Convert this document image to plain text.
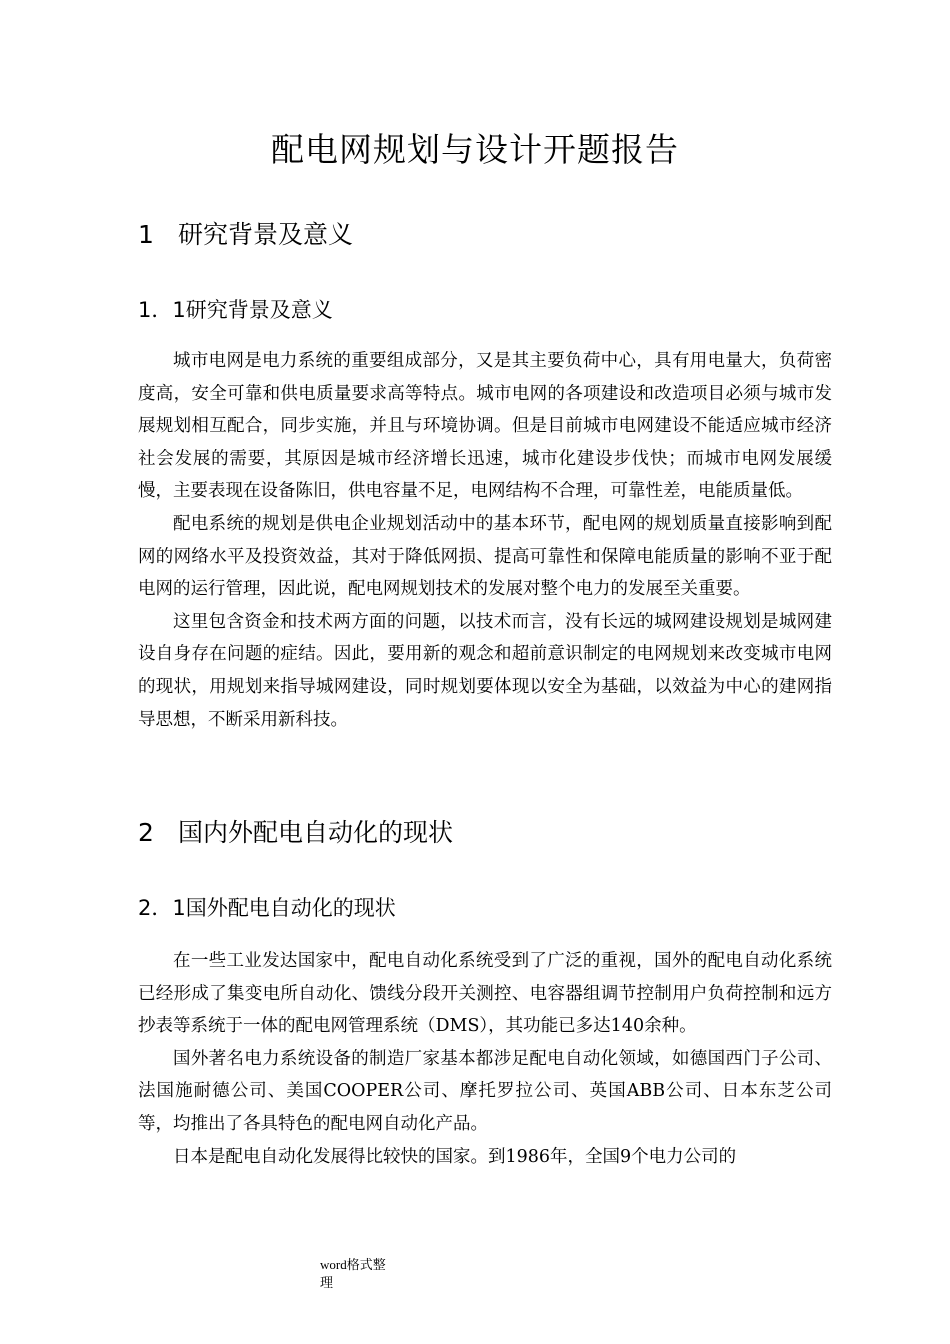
配电网规划与设计开题报告
1 研究背景及意义
1．1研究背景及意义

城市电网是电力系统的重要组成部分，又是其主要负荷中心，具有用电量大，负荷密度高，安全可靠和供电质量要求高等特点。城市电网的各项建设和改造项目必须与城市发展规划相互配合，同步实施，并且与环境协调。但是目前城市电网建设不能适应城市经济社会发展的需要，其原因是城市经济增长迅速，城市化建设步伐快；而城市电网发展缓慢，主要表现在设备陈旧，供电容量不足，电网结构不合理，可靠性差，电能质量低。

配电系统的规划是供电企业规划活动中的基本环节，配电网的规划质量直接影响到配网的网络水平及投资效益，其对于降低网损、提高可靠性和保障电能质量的影响不亚于配电网的运行管理，因此说，配电网规划技术的发展对整个电力的发展至关重要。

这里包含资金和技术两方面的问题，以技术而言，没有长远的城网建设规划是城网建设自身存在问题的症结。因此，要用新的观念和超前意识制定的电网规划来改变城市电网的现状，用规划来指导城网建设，同时规划要体现以安全为基础，以效益为中心的建网指导思想，不断采用新科技。

2 国内外配电自动化的现状
2．1国外配电自动化的现状

在一些工业发达国家中，配电自动化系统受到了广泛的重视，国外的配电自动化系统已经形成了集变电所自动化、馈线分段开关测控、电容器组调节控制用户负荷控制和远方抄表等系统于一体的配电网管理系统（DMS），其功能已多达140余种。

国外著名电力系统设备的制造厂家基本都涉足配电自动化领域，如德国西门子公司、法国施耐德公司、美国COOPER公司、摩托罗拉公司、英国ABB公司、日本东芝公司等，均推出了各具特色的配电网自动化产品。

日本是配电自动化发展得比较快的国家。到1986年，全国9个电力公司的

word格式整理
